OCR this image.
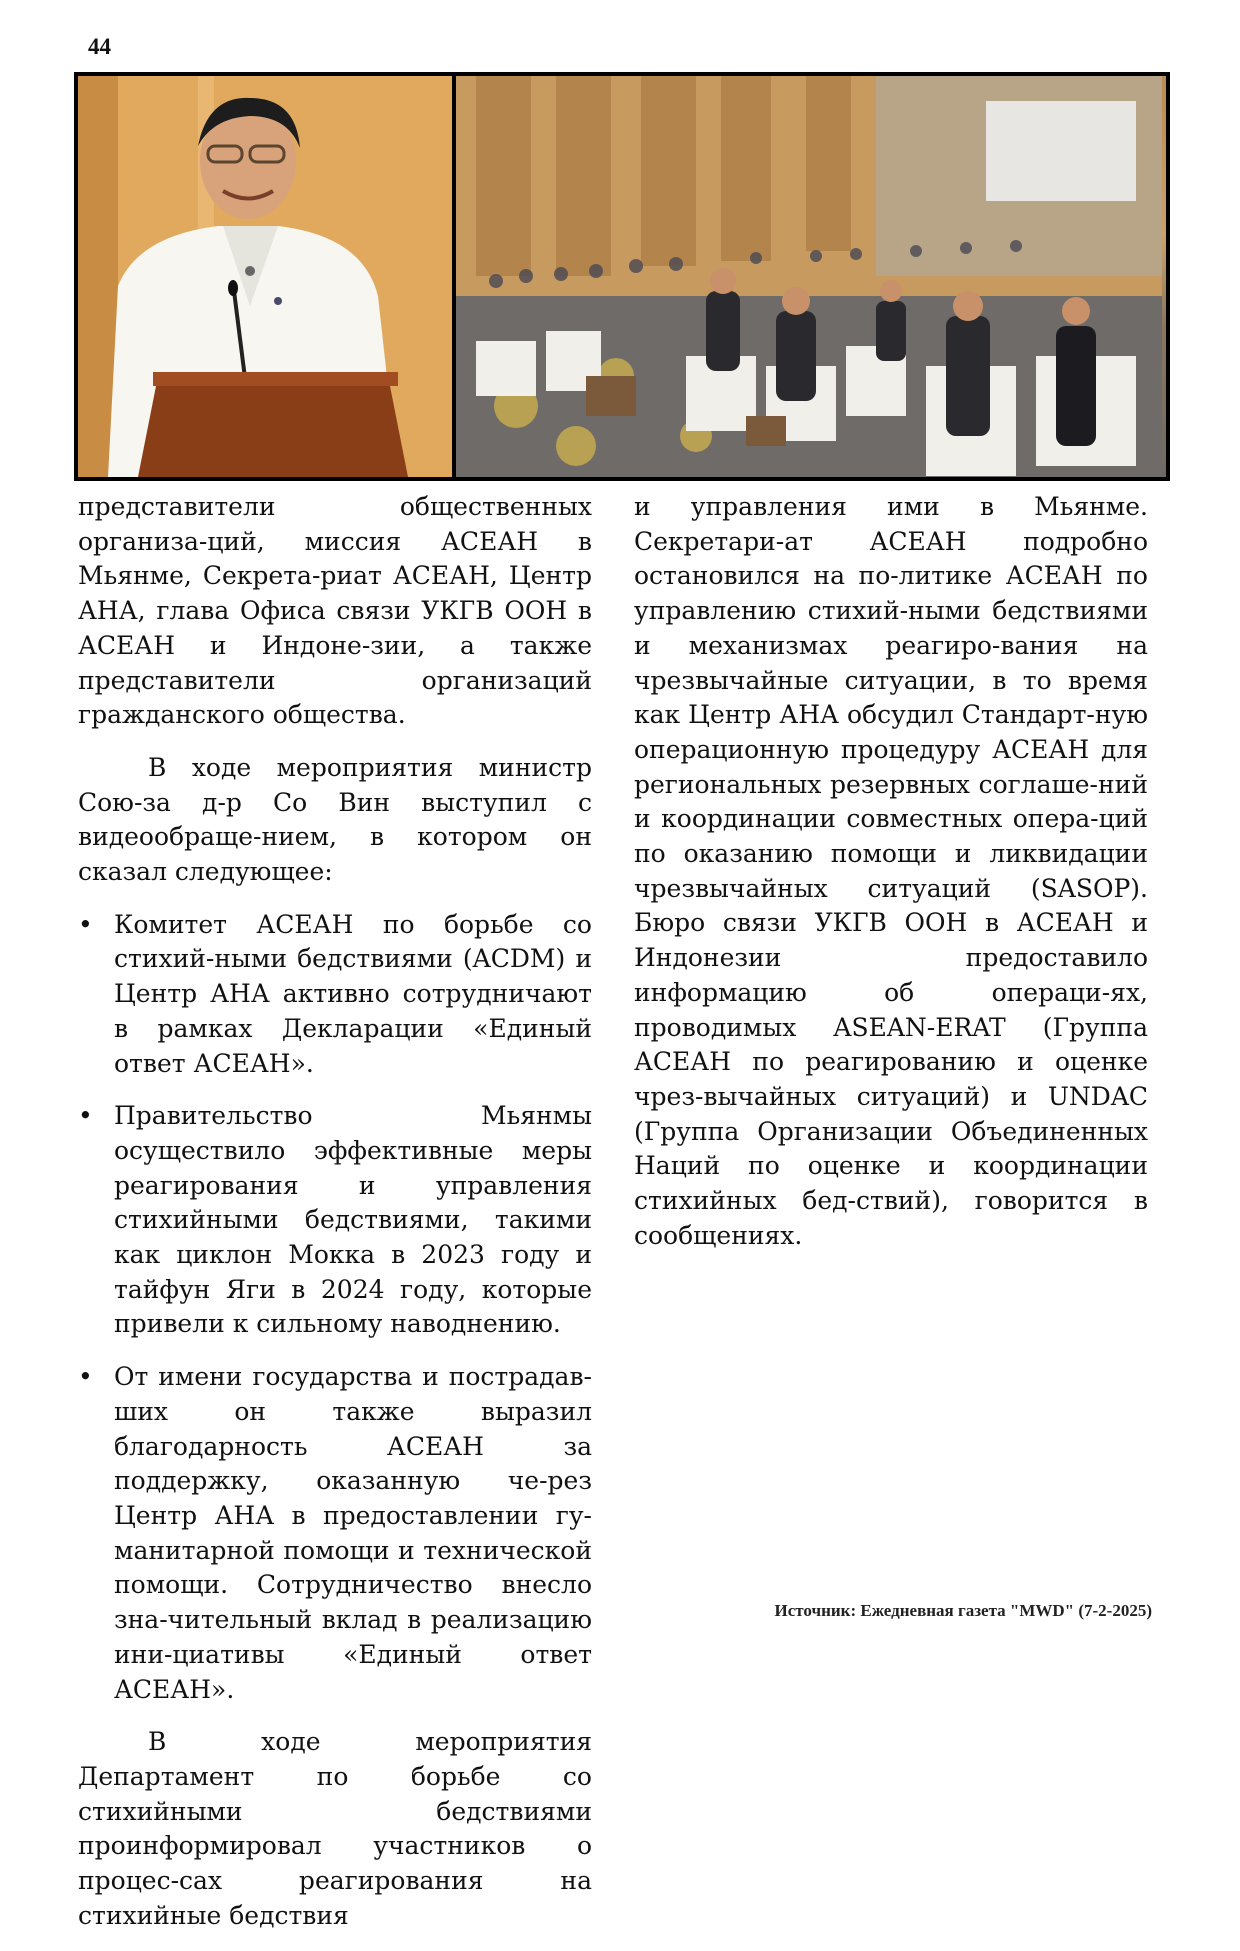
44

представители общественных организа-ций, миссия АСЕАН в Мьянме, Секрета-риат АСЕАН, Центр АНА, глава Офиса связи УКГВ ООН в АСЕАН и Индоне-зии, а также представители организаций гражданского общества.

В ходе мероприятия министр Сою-за д-р Со Вин выступил с видеообраще-нием, в котором он сказал следующее:

• Комитет АСЕАН по борьбе со стихий-ными бедствиями (ACDM) и Центр АНА активно сотрудничают в рамках Декларации «Единый ответ АСЕАН».
• Правительство Мьянмы осуществило эффективные меры реагирования и управления стихийными бедствиями, такими как циклон Мокка в 2023 году и тайфун Яги в 2024 году, которые привели к сильному наводнению.
• От имени государства и пострадав-ших он также выразил благодарность АСЕАН за поддержку, оказанную че-рез Центр АНА в предоставлении гу-манитарной помощи и технической помощи. Сотрудничество внесло зна-чительный вклад в реализацию ини-циативы «Единый ответ АСЕАН».

В ходе мероприятия Департамент по борьбе со стихийными бедствиями проинформировал участников о процес-сах реагирования на стихийные бедствия

и управления ими в Мьянме. Секретари-ат АСЕАН подробно остановился на по-литике АСЕАН по управлению стихий-ными бедствиями и механизмах реагиро-вания на чрезвычайные ситуации, в то время как Центр АНА обсудил Стандарт-ную операционную процедуру АСЕАН для региональных резервных соглаше-ний и координации совместных опера-ций по оказанию помощи и ликвидации чрезвычайных ситуаций (SASOP). Бюро связи УКГВ ООН в АСЕАН и Индонезии предоставило информацию об операци-ях, проводимых ASEAN-ERAT (Группа АСЕАН по реагированию и оценке чрез-вычайных ситуаций) и UNDAC (Группа Организации Объединенных Наций по оценке и координации стихийных бед-ствий), говорится в сообщениях.

Источник: Ежедневная газета "MWD" (7-2-2025)
